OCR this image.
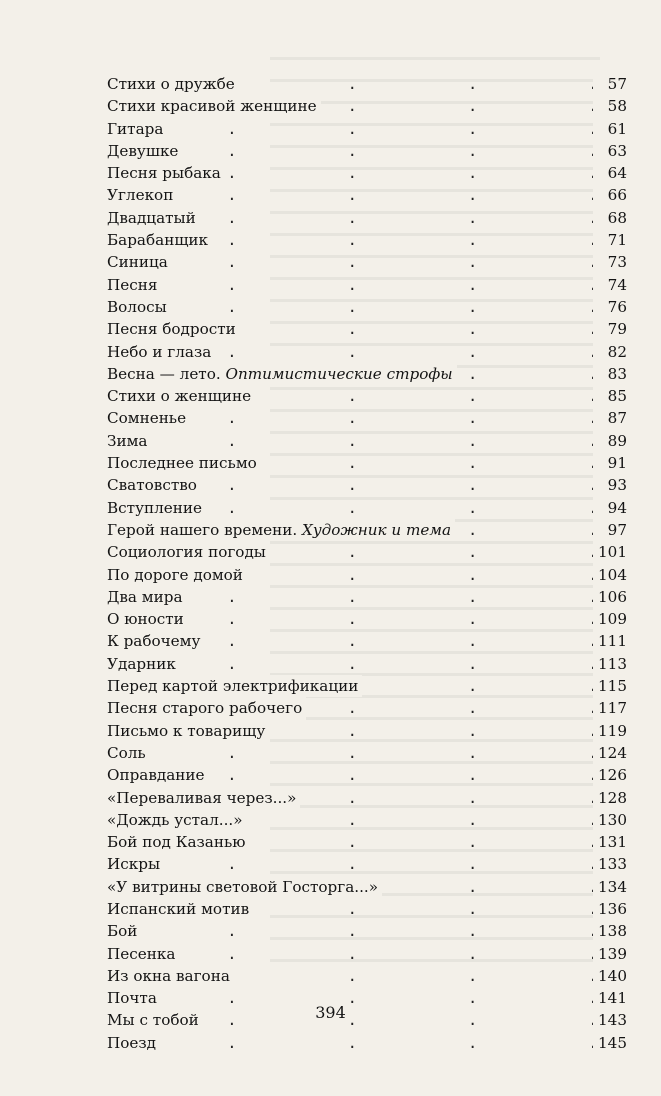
.
Стихи о дружбе	57
.
Стихи красивой женщине	58
.
Гитара	61
.
Девушке	63
.
Песня рыбака	64
.
Углекоп	66
.
Двадцатый	68
.
Барабанщик	71
.
Синица	73
.
Песня	74
.
Волосы	76
.
Песня бодрости	79
.
Небо и глаза	82
.
Весна — лето. Оптимистические строфы	83
.
Стихи о женщине	85
.
Сомненье	87
.
Зима	89
.
Последнее письмо	91
.
Сватовство	93
.
Вступление	94
.
Герой нашего времени. Художник и тема	97
.
Социология погоды	101
.
По дороге домой	104
.
Два мира	106
.
О юности	109
.
К рабочему	111
.
Ударник	113
.
Перед картой электрификации	115
.
Песня старого рабочего	117
.
Письмо к товарищу	119
.
Соль	124
.
Оправдание	126
.
«Переваливая через...»	128
.
«Дождь устал...»	130
.
Бой под Казанью	131
.
Искры	133
.
«У витрины световой Госторга...»	134
.
Испанский мотив	136
.
Бой	138
.
Песенка	139
.
Из окна вагона	140
.
Почта	141
.
Мы с тобой	143
.
Поезд	145
394
